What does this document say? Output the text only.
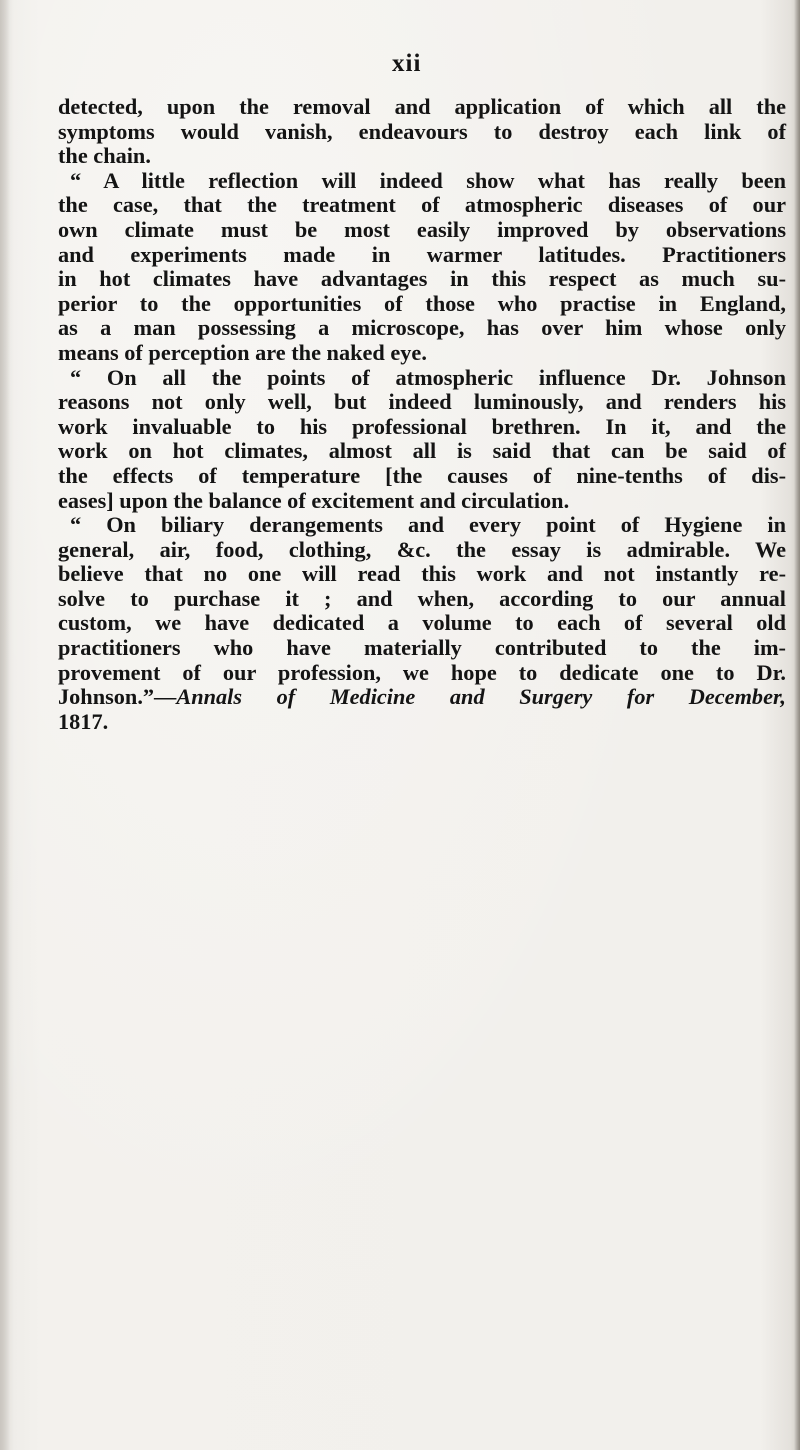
xii
detected, upon the removal and application of which all the
symptoms would vanish, endeavours to destroy each link of
the chain.
“ A little reflection will indeed show what has really been
the case, that the treatment of atmospheric diseases of our
own climate must be most easily improved by observations
and experiments made in warmer latitudes. Practitioners
in hot climates have advantages in this respect as much su-
perior to the opportunities of those who practise in England,
as a man possessing a microscope, has over him whose only
means of perception are the naked eye.
“ On all the points of atmospheric influence Dr. Johnson
reasons not only well, but indeed luminously, and renders his
work invaluable to his professional brethren. In it, and the
work on hot climates, almost all is said that can be said of
the effects of temperature [the causes of nine-tenths of dis-
eases] upon the balance of excitement and circulation.
“ On biliary derangements and every point of Hygiene in
general, air, food, clothing, &c. the essay is admirable. We
believe that no one will read this work and not instantly re-
solve to purchase it ; and when, according to our annual
custom, we have dedicated a volume to each of several old
practitioners who have materially contributed to the im-
provement of our profession, we hope to dedicate one to Dr.
Johnson.”—Annals of Medicine and Surgery for December,
1817.
